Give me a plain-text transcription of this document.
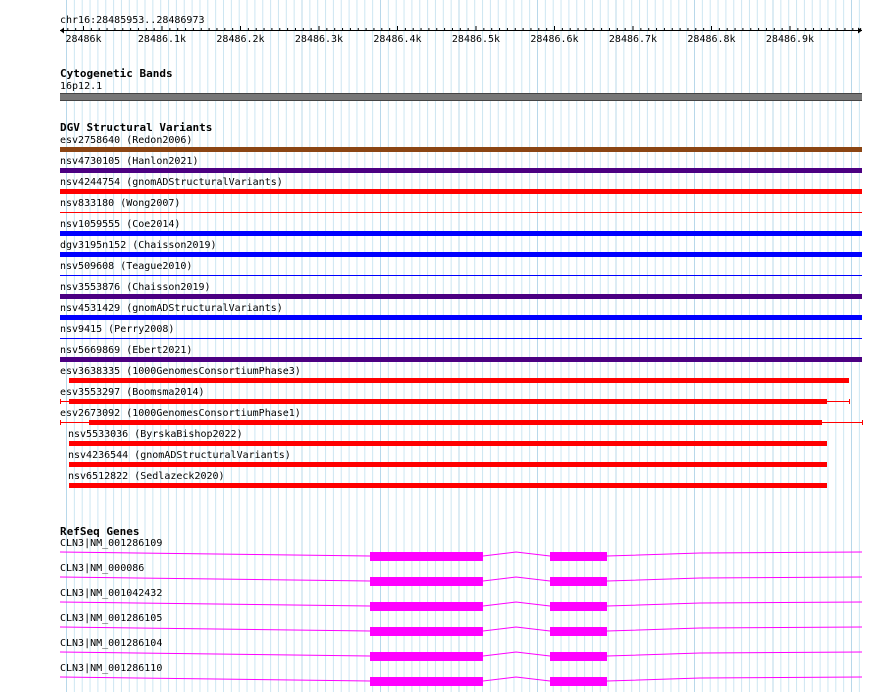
chr16:28485953..28486973
28486k	28486.1k	28486.2k	28486.3k	28486.4k	28486.5k	28486.6k	28486.7k	28486.8k	28486.9k
Cytogenetic Bands
16p12.1
DGV Structural Variants
esv2758640 (Redon2006)
nsv4730105 (Hanlon2021)
nsv4244754 (gnomADStructuralVariants)
nsv833180 (Wong2007)
nsv1059555 (Coe2014)
dgv3195n152 (Chaisson2019)
nsv509608 (Teague2010)
nsv3553876 (Chaisson2019)
nsv4531429 (gnomADStructuralVariants)
nsv9415 (Perry2008)
nsv5669869 (Ebert2021)
esv3638335 (1000GenomesConsortiumPhase3)
esv3553297 (Boomsma2014)
esv2673092 (1000GenomesConsortiumPhase1)
nsv5533036 (ByrskaBishop2022)
nsv4236544 (gnomADStructuralVariants)
nsv6512822 (Sedlazeck2020)
RefSeq Genes
CLN3|NM_001286109
CLN3|NM_000086
CLN3|NM_001042432
CLN3|NM_001286105
CLN3|NM_001286104
CLN3|NM_001286110
